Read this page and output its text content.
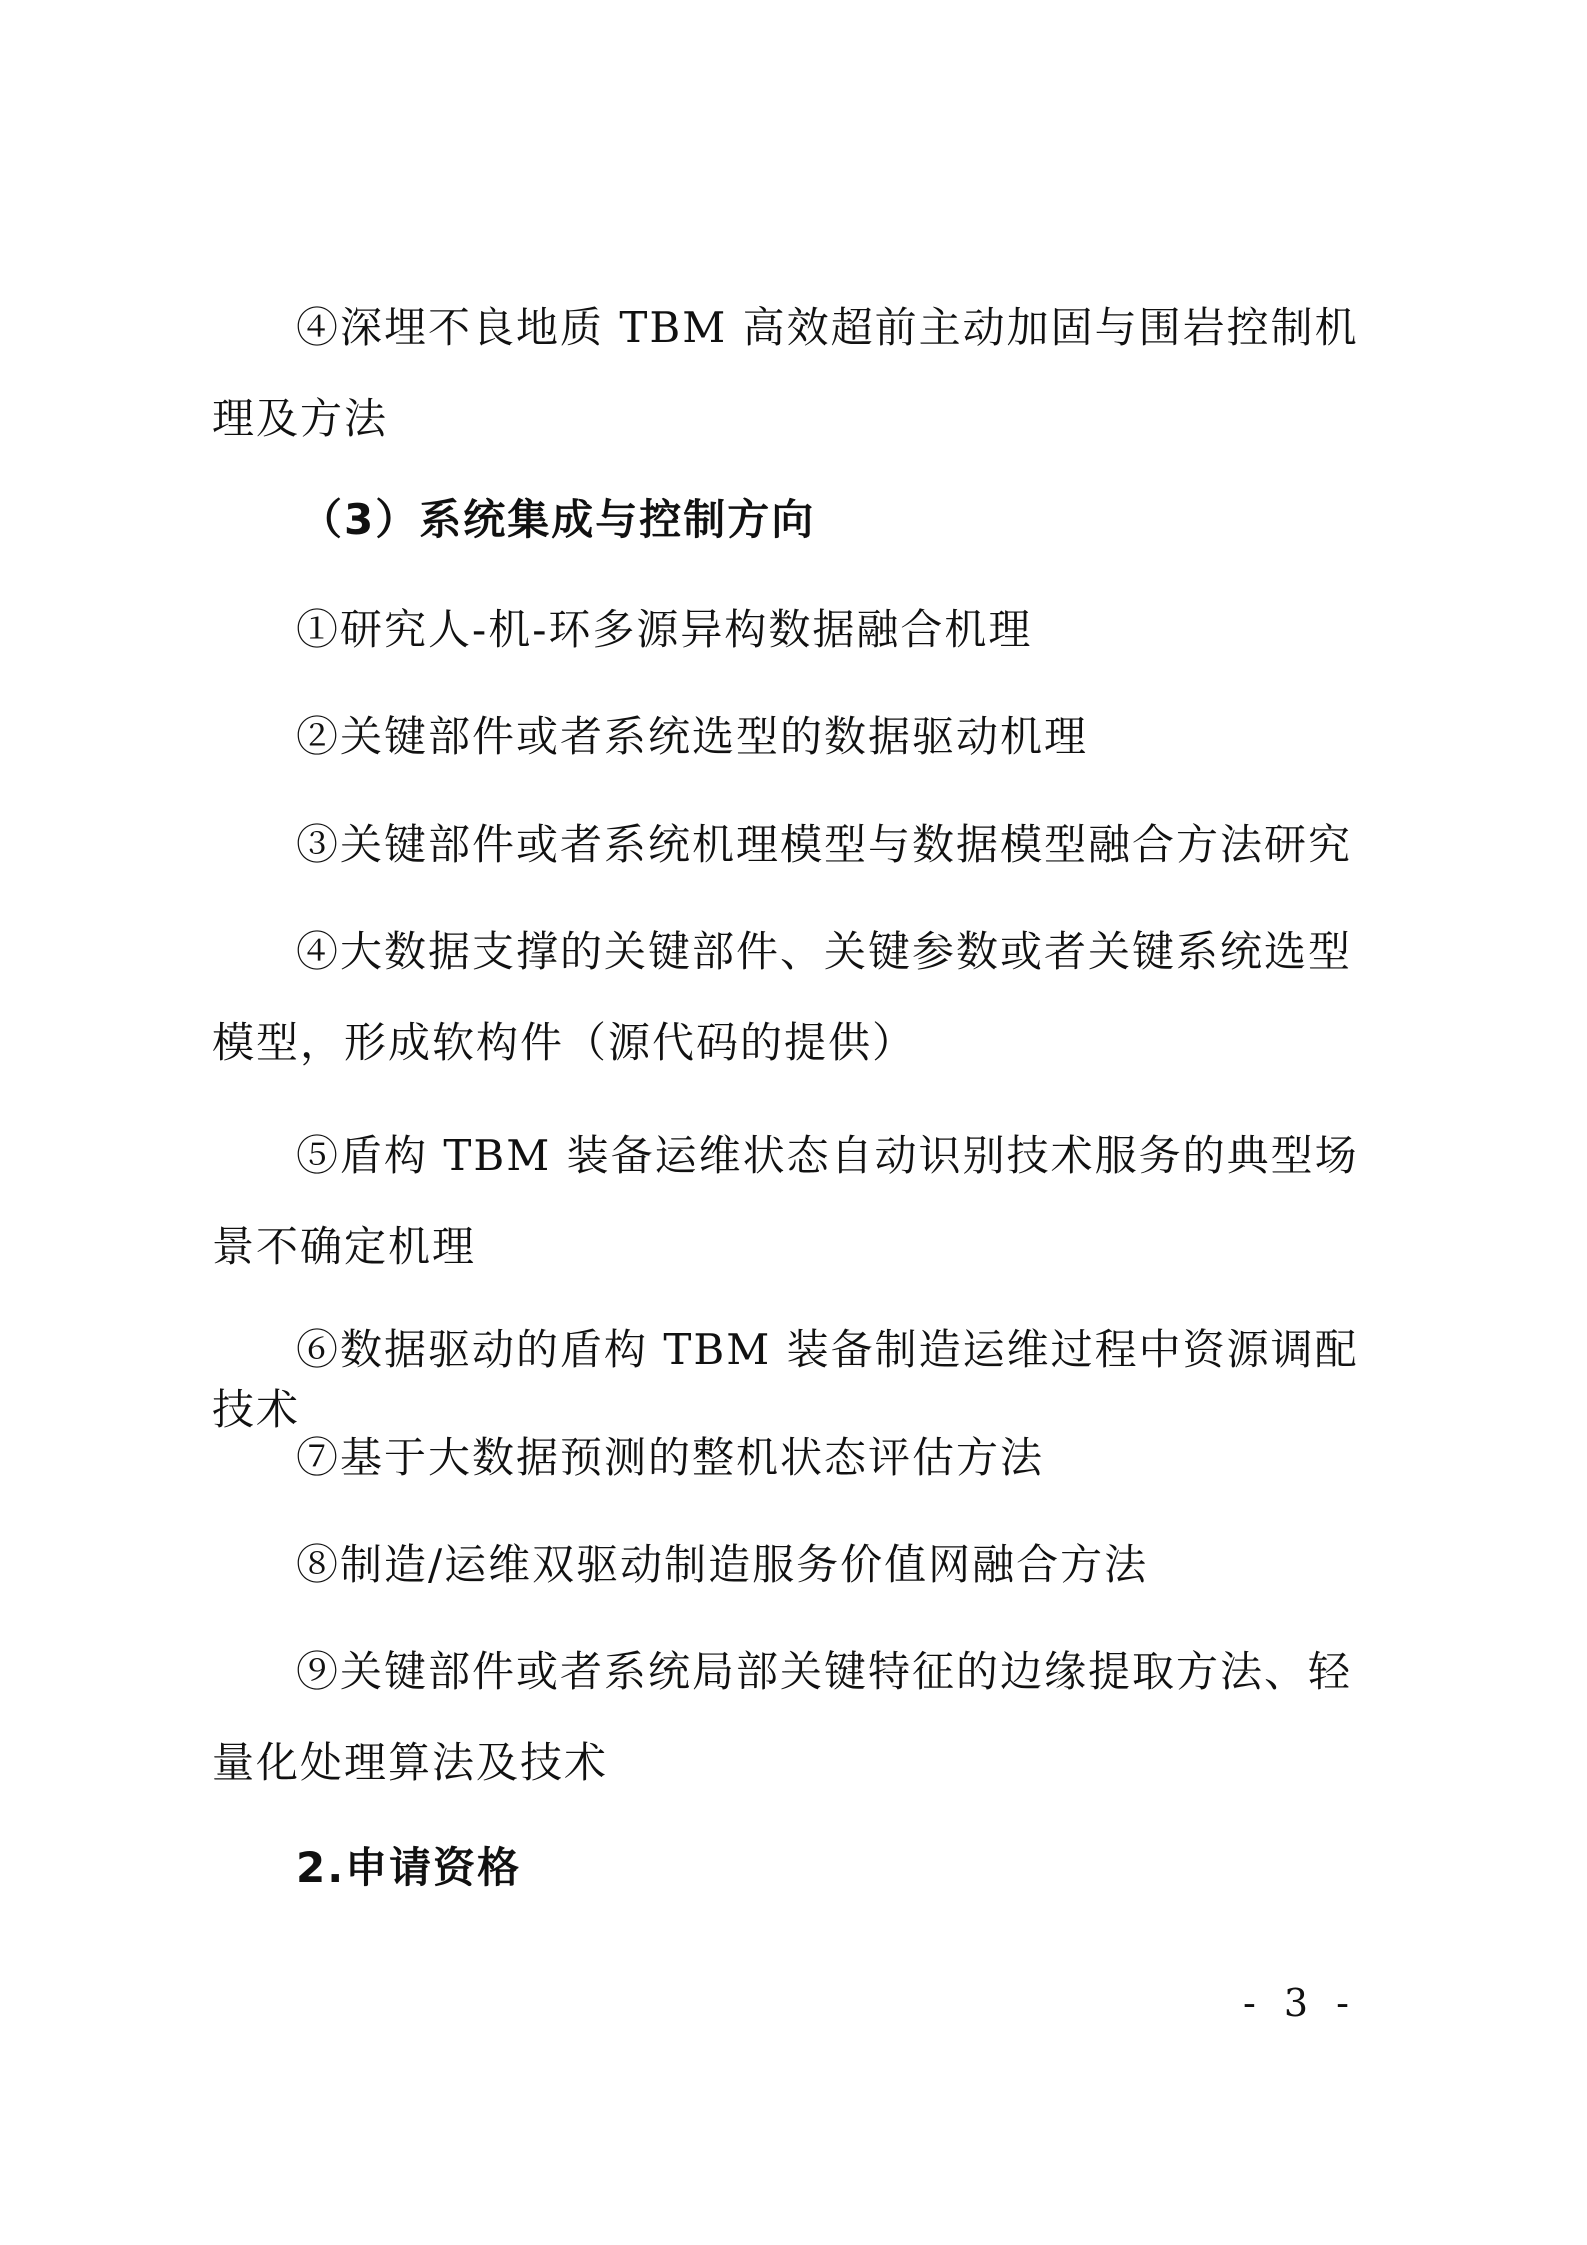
④深埋不良地质 TBM 高效超前主动加固与围岩控制机理及方法

（3）系统集成与控制方向

①研究人-机-环多源异构数据融合机理

②关键部件或者系统选型的数据驱动机理

③关键部件或者系统机理模型与数据模型融合方法研究

④大数据支撑的关键部件、关键参数或者关键系统选型模型，形成软构件（源代码的提供）

⑤盾构 TBM 装备运维状态自动识别技术服务的典型场景不确定机理

⑥数据驱动的盾构 TBM 装备制造运维过程中资源调配技术

⑦基于大数据预测的整机状态评估方法

⑧制造/运维双驱动制造服务价值网融合方法

⑨关键部件或者系统局部关键特征的边缘提取方法、轻量化处理算法及技术

2.申请资格

- 3 -
